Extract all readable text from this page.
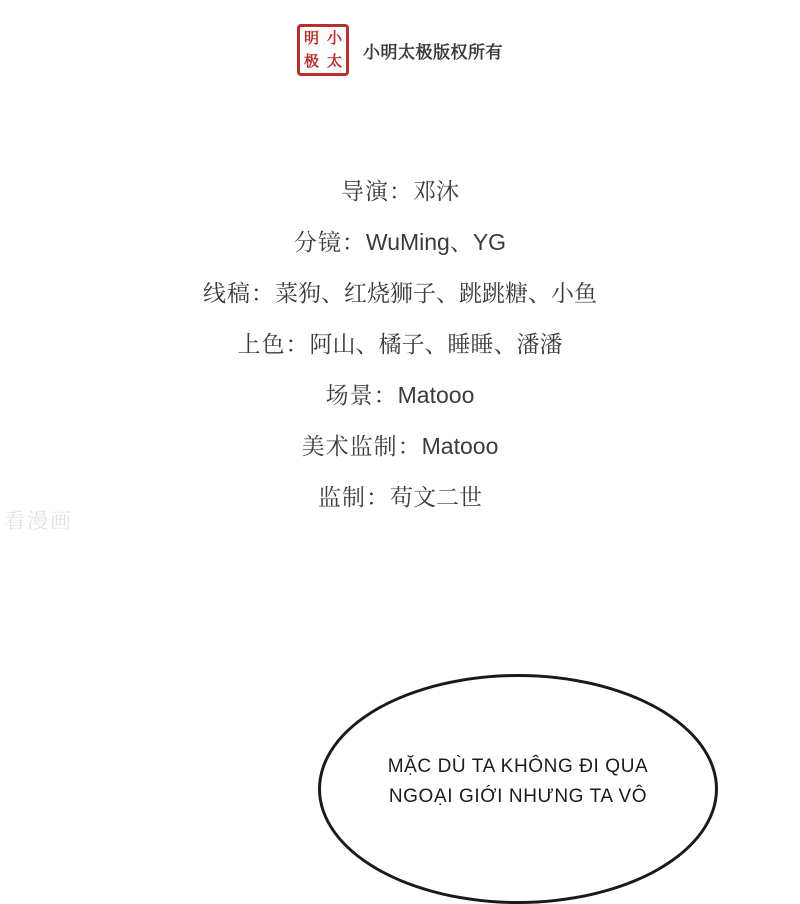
小
明
太
极	小明太极版权所有
导演：邓沐
分镜：WuMing、YG
线稿：菜狗、红烧狮子、跳跳糖、小鱼
上色：阿山、橘子、睡睡、潘潘
场景：Matooo
美术监制：Matooo
监制：苟文二世
看漫画
MẶC DÙ TA KHÔNG ĐI QUA
NGOẠI GIỚI NHƯNG TA VÔ
